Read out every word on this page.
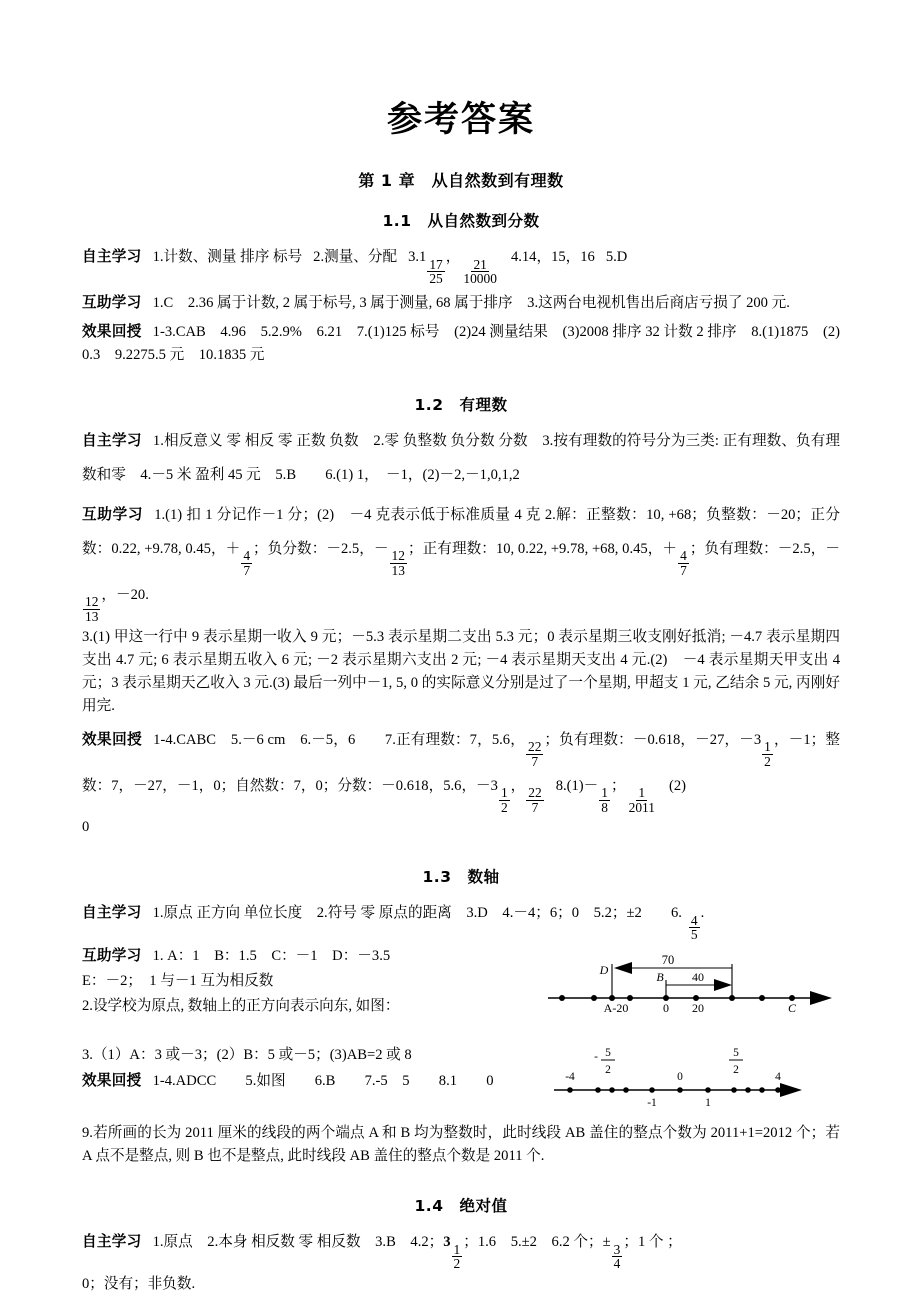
参考答案
第 1 章　从自然数到有理数
1.1　从自然数到分数

自主学习 1.计数、测量 排序 标号 2.测量、分配 3.1
$\frac{17}{25}$
，
$\frac{21}{10000}$
4.14，15，16 5.D

互助学习 1.C　2.36 属于计数, 2 属于标号, 3 属于测量, 68 属于排序　3.这两台电视机售出后商店亏损了 200 元.

效果回授 1-3.CAB　4.96　5.2.9%　6.21　7.(1)125 标号　(2)24 测量结果　(3)2008 排序 32 计数 2 排序　8.(1)1875　(2)0.3　9.2275.5 元　10.1835 元

1.2　有理数

自主学习 1.相反意义 零 相反 零 正数 负数　2.零 负整数 负分数 分数　3.按有理数的符号分为三类: 正有理数、负有理数和零　4.－5 米 盈利 45 元　5.B　　6.(1) 1，　－1，(2)－2,－1,0,1,2

互助学习 1.(1) 扣 1 分记作－1 分；(2)　－4 克表示低于标准质量 4 克 2.解：正整数：10, +68；负整数：－20；正分数：0.22, +9.78, 0.45，＋
$\frac{4}{7}$
；负分数：－2.5，－
$\frac{12}{13}$
；正有理数：10, 0.22, +9.78, +68, 0.45，＋
$\frac{4}{7}$
；负有理数：－2.5，－
$\frac{12}{13}$
，－20.

3.(1) 甲这一行中 9 表示星期一收入 9 元；－5.3 表示星期二支出 5.3 元；0 表示星期三收支刚好抵消; －4.7 表示星期四支出 4.7 元; 6 表示星期五收入 6 元; －2 表示星期六支出 2 元; －4 表示星期天支出 4 元.(2)　－4 表示星期天甲支出 4 元；3 表示星期天乙收入 3 元.(3) 最后一列中－1, 5, 0 的实际意义分别是过了一个星期, 甲超支 1 元, 乙结余 5 元, 丙刚好用完.

效果回授 1-4.CABC　5.－6 cm　6.－5，6　　7.正有理数：7，5.6，
$\frac{22}{7}$
；负有理数：－0.618，－27，－3
$\frac{1}{2}$
，－1；整数：7，－27，－1，0；自然数：7，0；分数：－0.618，5.6，－3
$\frac{1}{2}$
，
$\frac{22}{7}$
8.(1)－
$\frac{1}{8}$
；
$\frac{1}{2011}$
(2)

0

1.3　数轴

自主学习 1.原点 正方向 单位长度　2.符号 零 原点的距离　3.D　4.－4；6；0　5.2；±2　　6.
$\frac{4}{5}$
.

互助学习 1. A：1　B：1.5　C：－1　D：－3.5

E：－2；　1 与－1 互为相反数

2.设学校为原点, 数轴上的正方向表示向东, 如图：

3.（1）A：3 或－3；(2）B：5 或－5；(3)AB=2 或 8

效果回授 1-4.ADCC　　5.如图　　6.B　　7.-5　5　　8.1　　0

70
40
D	B
A-20	0 20	C
-4	0	4
- 5
2
5
2
-1	1

9.若所画的长为 2011 厘米的线段的两个端点 A 和 B 均为整数时，此时线段 AB 盖住的整点个数为 2011+1=2012 个；若 A 点不是整点, 则 B 也不是整点, 此时线段 AB 盖住的整点个数是 2011 个.

1.4　绝对值

自主学习 1.原点　2.本身 相反数 零 相反数　3.B　4.2；3
$\frac{1}{2}$
；1.6　5.±2　6.2 个；±
$\frac{3}{4}$
；1 个 ；

0；没有；非负数.
